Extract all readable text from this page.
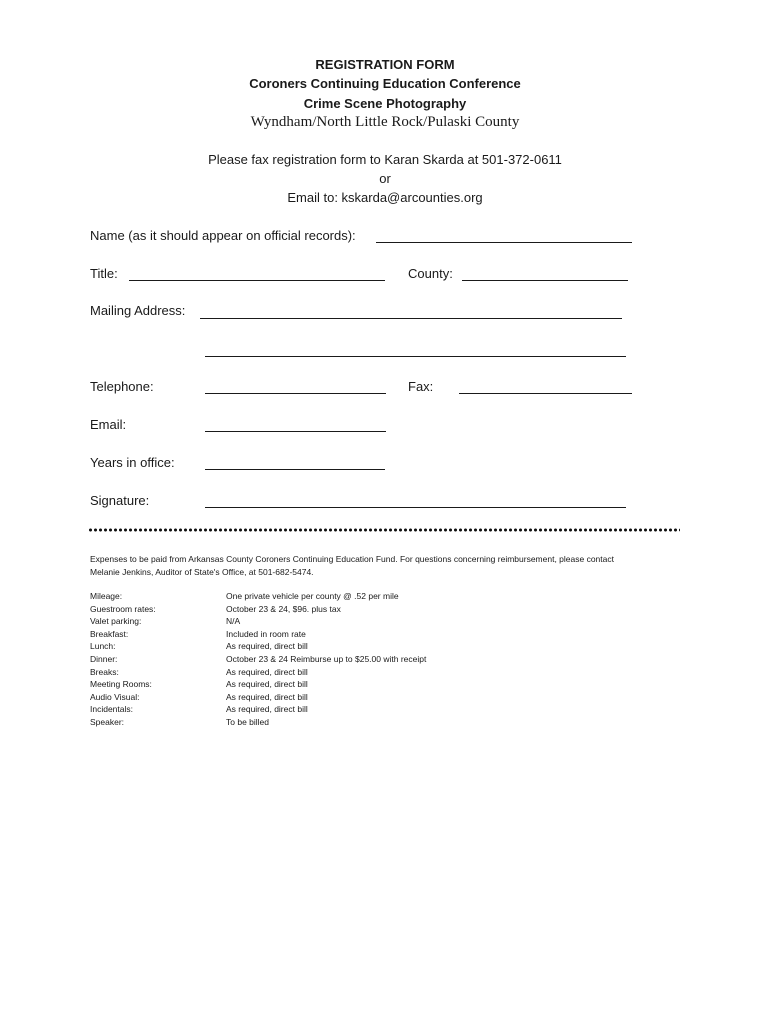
REGISTRATION FORM
Coroners Continuing Education Conference
Crime Scene Photography
Wyndham/North Little Rock/Pulaski County
Please fax registration form to Karan Skarda at 501-372-0611
or
Email to: kskarda@arcounties.org
Name (as it should appear on official records):
Title:	County:
Mailing Address:
Telephone:	Fax:
Email:
Years in office:
Signature:
Expenses to be paid from Arkansas County Coroners Continuing Education Fund. For questions concerning reimbursement, please contact
Melanie Jenkins, Auditor of State's Office, at 501-682-5474.
Mileage:	One private vehicle per county @ .52 per mile
Guestroom rates:	October 23 & 24, $96. plus tax
Valet parking:	N/A
Breakfast:	Included in room rate
Lunch:	As required, direct bill
Dinner:	October 23 & 24 Reimburse up to $25.00 with receipt
Breaks:	As required, direct bill
Meeting Rooms:	As required, direct bill
Audio Visual:	As required, direct bill
Incidentals:	As required, direct bill
Speaker:	To be billed
